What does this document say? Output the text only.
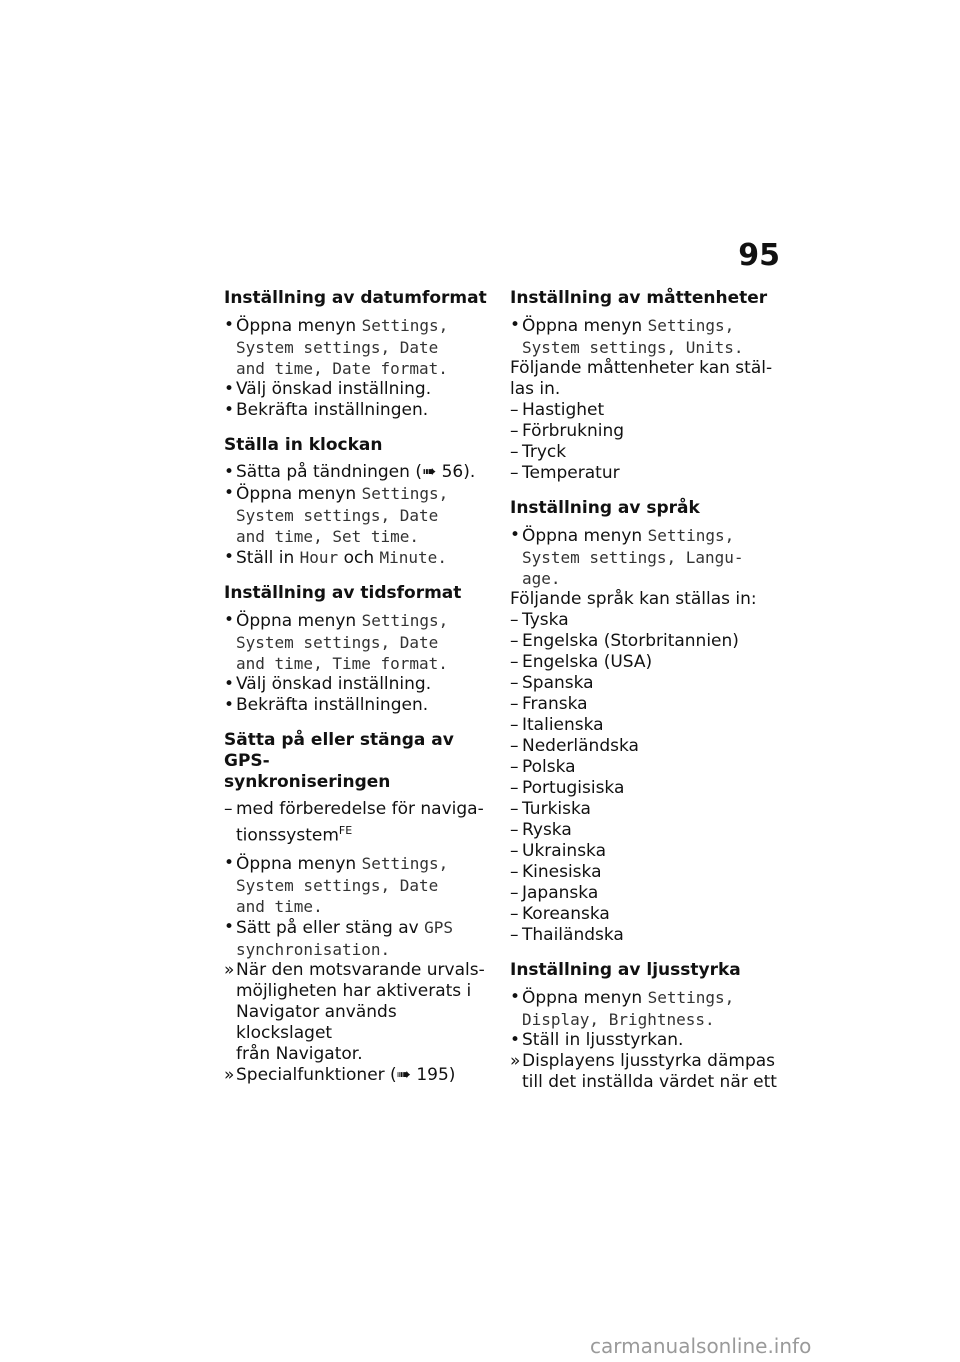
95
Inställning av datumformat
• Öppna menyn Settings,
System settings, Date
and time, Date format.
• Välj önskad inställning.
• Bekräfta inställningen.
Ställa in klockan
• Sätta på tändningen (➠ 56).
• Öppna menyn Settings,
System settings, Date
and time, Set time.
• Ställ in Hour och Minute.
Inställning av tidsformat
• Öppna menyn Settings,
System settings, Date
and time, Time format.
• Välj önskad inställning.
• Bekräfta inställningen.
Sätta på eller stänga av GPS-
synkroniseringen
– med förberedelse för naviga-
tionssystem$^{FE}$
• Öppna menyn Settings,
System settings, Date
and time.
• Sätt på eller stäng av GPS
synchronisation.
» När den motsvarande urvals-
möjligheten har aktiverats i
Navigator används klockslaget
från Navigator.
» Specialfunktioner (➠ 195)
Inställning av måttenheter
• Öppna menyn Settings,
System settings, Units.
Följande måttenheter kan stäl-
las in.
– Hastighet
– Förbrukning
– Tryck
– Temperatur
Inställning av språk
• Öppna menyn Settings,
System settings, Langu-
age.
Följande språk kan ställas in:
– Tyska
– Engelska (Storbritannien)
– Engelska (USA)
– Spanska
– Franska
– Italienska
– Nederländska
– Polska
– Portugisiska
– Turkiska
– Ryska
– Ukrainska
– Kinesiska
– Japanska
– Koreanska
– Thailändska
Inställning av ljusstyrka
• Öppna menyn Settings,
Display, Brightness.
• Ställ in ljusstyrkan.
» Displayens ljusstyrka dämpas
till det inställda värdet när ett
carmanualsonline.info
